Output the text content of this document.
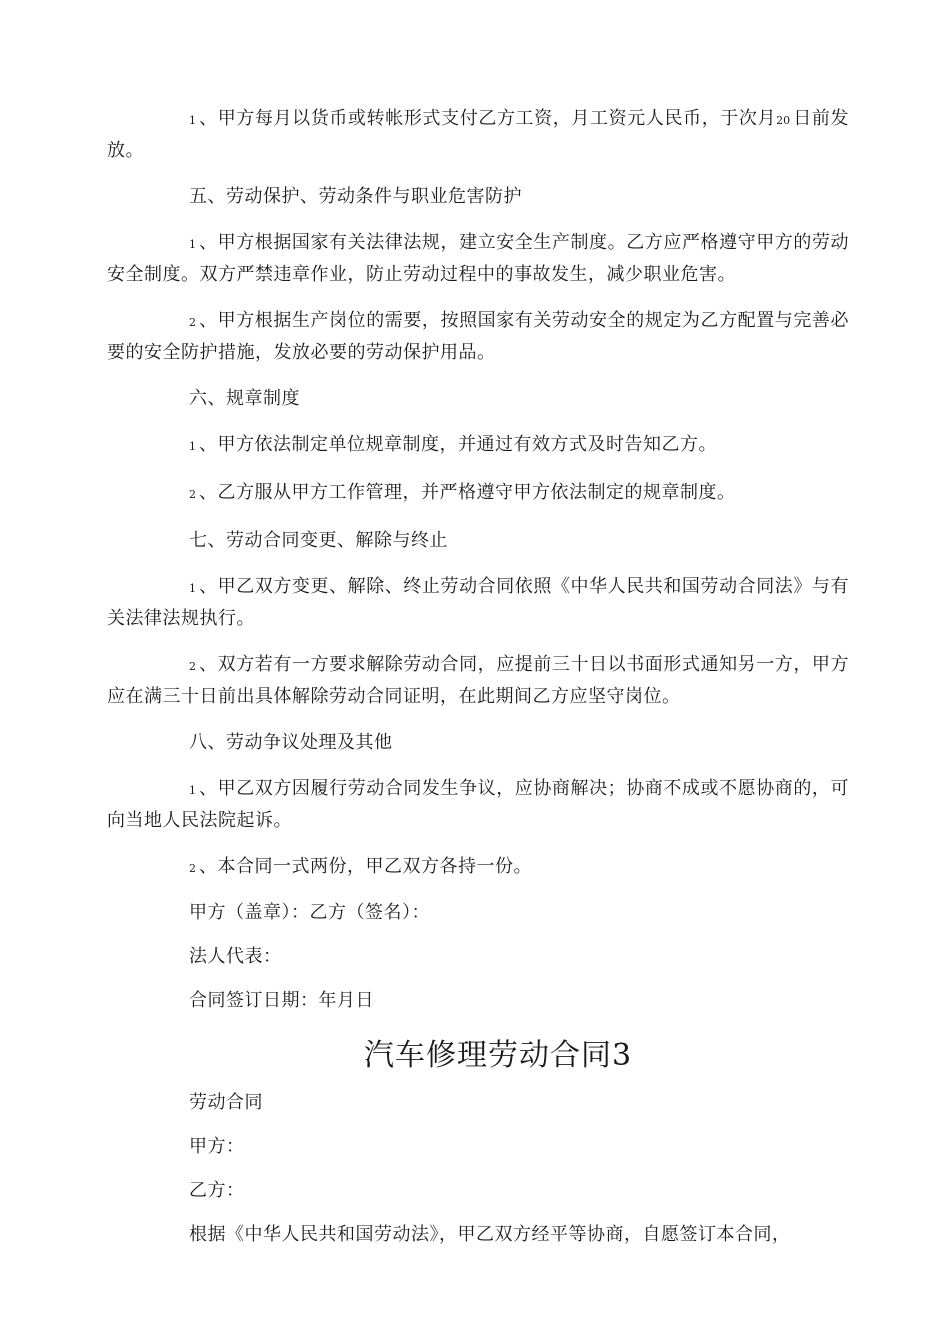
1 、甲方每月以货币或转帐形式支付乙方工资，月工资元人民币，于次月20 日前发放。

五、劳动保护、劳动条件与职业危害防护

1 、甲方根据国家有关法律法规，建立安全生产制度。乙方应严格遵守甲方的劳动安全制度。双方严禁违章作业，防止劳动过程中的事故发生，减少职业危害。

2 、甲方根据生产岗位的需要，按照国家有关劳动安全的规定为乙方配置与完善必要的安全防护措施，发放必要的劳动保护用品。

六、规章制度

1 、甲方依法制定单位规章制度，并通过有效方式及时告知乙方。

2 、乙方服从甲方工作管理，并严格遵守甲方依法制定的规章制度。

七、劳动合同变更、解除与终止

1 、甲乙双方变更、解除、终止劳动合同依照《中华人民共和国劳动合同法》与有关法律法规执行。

2 、双方若有一方要求解除劳动合同，应提前三十日以书面形式通知另一方，甲方应在满三十日前出具体解除劳动合同证明，在此期间乙方应坚守岗位。

八、劳动争议处理及其他

1 、甲乙双方因履行劳动合同发生争议，应协商解决；协商不成或不愿协商的，可向当地人民法院起诉。

2 、本合同一式两份，甲乙双方各持一份。

甲方（盖章）：乙方（签名）：

法人代表：

合同签订日期：年月日

汽车修理劳动合同3

劳动合同

甲方：

乙方：

根据《中华人民共和国劳动法》，甲乙双方经平等协商，自愿签订本合同，
